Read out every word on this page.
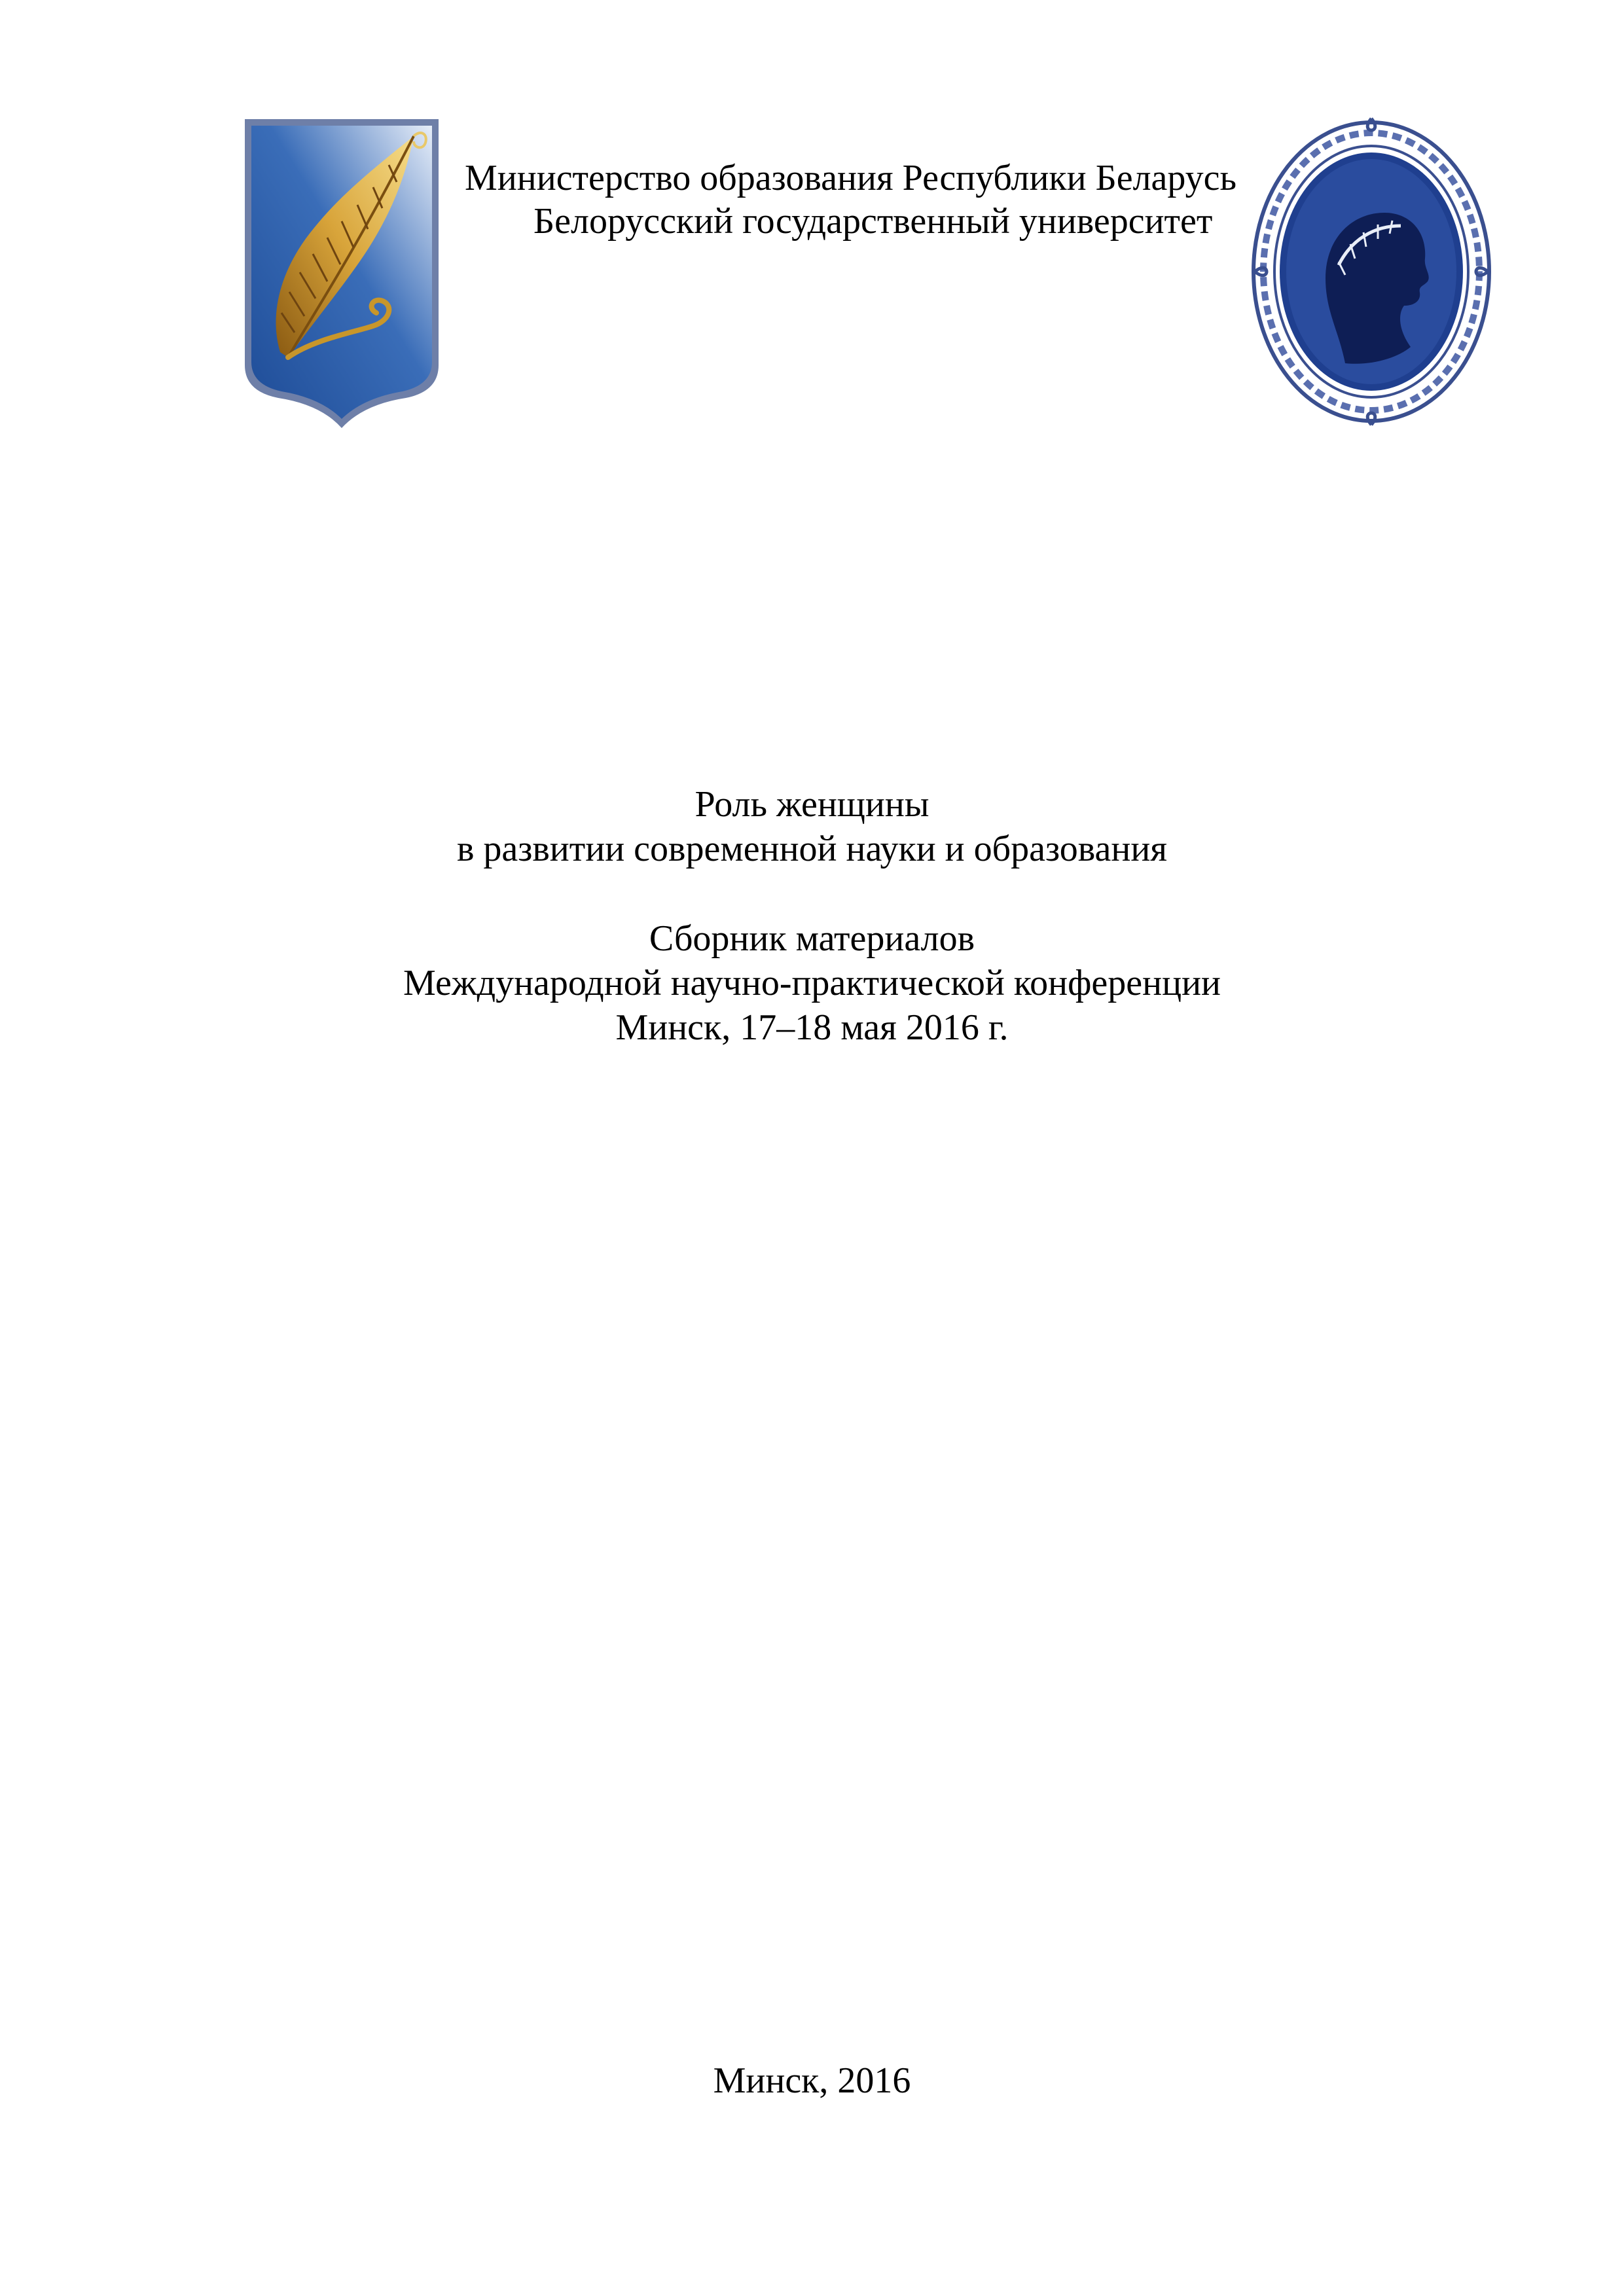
Министерство образования Республики Беларусь
Белорусский государственный университет
Роль женщины
в развитии современной науки и образования
Сборник материалов
Международной научно-практической конференции
Минск, 17–18 мая 2016 г.
Минск, 2016
